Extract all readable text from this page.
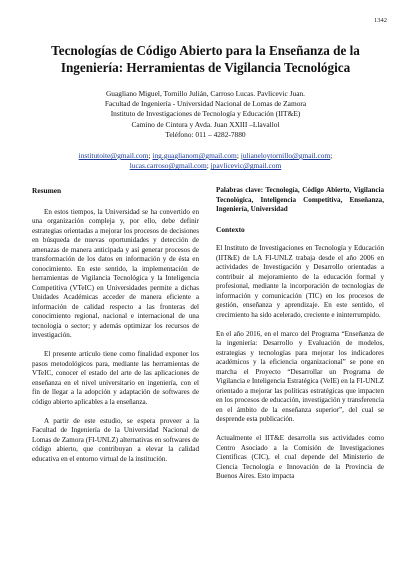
1342
Tecnologías de Código Abierto para la Enseñanza de la Ingeniería: Herramientas de Vigilancia Tecnológica
Guagliano Miguel, Tornillo Julián, Carroso Lucas. Pavlicevic Juan.
Facultad de Ingeniería - Universidad Nacional de Lomas de Zamora
Instituto de Investigaciones de Tecnología y Educación (IIT&E)
Camino de Cintura y Avda. Juan XXIII –Llavallol
Teléfono: 011 – 4282-7880
institutoite@gmail.com; ing.guaglianom@gmail.com; julianeloytornillo@gmail.com;
lucas.carroso@gmail.com; jpavlicevic@gmail.com
Resumen

En estos tiempos, la Universidad se ha convertido en una organización compleja y, por ello, debe definir estrategias orientadas a mejorar los procesos de decisiones en búsqueda de nuevas oportunidades y detección de amenazas de manera anticipada y así generar procesos de transformación de los datos en información y de ésta en conocimiento. En este sentido, la implementación de herramientas de Vigilancia Tecnológica y la Inteligencia Competitiva (VTeIC) en Universidades permite a dichas Unidades Académicas acceder de manera eficiente a información de calidad respecto a las fronteras del conocimiento regional, nacional e internacional de una tecnología o sector; y además optimizar los recursos de investigación.

El presente artículo tiene como finalidad exponer los pasos metodológicos para, mediante las herramientas de VTeIC, conocer el estado del arte de las aplicaciones de enseñanza en el nivel universitario en ingeniería, con el fin de llegar a la adopción y adaptación de softwares de código abierto aplicables a la enseñanza.

A partir de este estudio, se espera proveer a la Facultad de Ingeniería de la Universidad Nacional de Lomas de Zamora (FI-UNLZ) alternativas en softwares de código abierto, que contribuyan a elevar la calidad educativa en el entorno virtual de la institución.

Palabras clave: Tecnología, Código Abierto, Vigilancia Tecnológica, Inteligencia Competitiva, Enseñanza, Ingeniería, Universidad
Contexto

El Instituto de Investigaciones en Tecnología y Educación (IIT&E) de LA FI-UNLZ trabaja desde el año 2006 en actividades de Investigación y Desarrollo orientadas a contribuir al mejoramiento de la educación formal y profesional, mediante la incorporación de tecnologías de información y comunicación (TIC) en los procesos de gestión, enseñanza y aprendizaje. En este sentido, el crecimiento ha sido acelerado, creciente e ininterrumpido.

En el año 2016, en el marco del Programa “Enseñanza de la ingeniería: Desarrollo y Evaluación de modelos, estrategias y tecnologías para mejorar los indicadores académicos y la eficiencia organizacional” se pone en marcha el Proyecto “Desarrollar un Programa de Vigilancia e Inteligencia Estratégica (VeIE) en la FI-UNLZ orientado a mejorar las políticas estratégicas que impacten en los procesos de educación, investigación y transferencia en el ámbito de la enseñanza superior”, del cual se desprende esta publicación.

Actualmente el IIT&E desarrolla sus actividades como Centro Asociado a la Comisión de Investigaciones Científicas (CIC), el cual depende del Ministerio de Ciencia Tecnología e Innovación de la Provincia de Buenos Aires. Esto impacta
